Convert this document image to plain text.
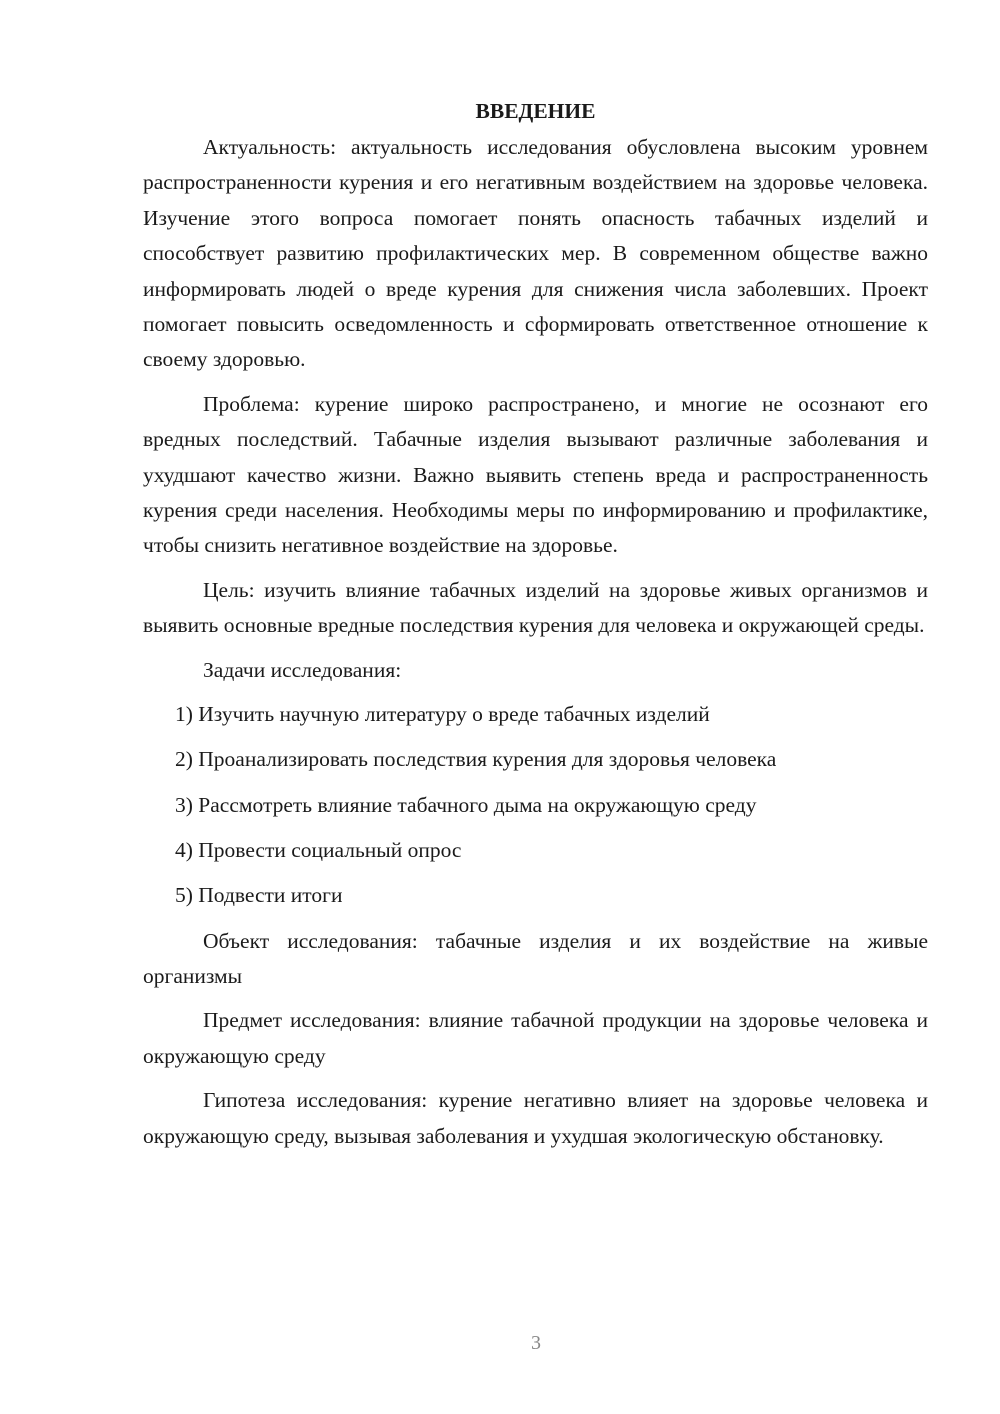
ВВЕДЕНИЕ

Актуальность: актуальность исследования обусловлена высоким уровнем распространенности курения и его негативным воздействием на здоровье человека. Изучение этого вопроса помогает понять опасность табачных изделий и способствует развитию профилактических мер. В современном обществе важно информировать людей о вреде курения для снижения числа заболевших. Проект помогает повысить осведомленность и сформировать ответственное отношение к своему здоровью.

Проблема: курение широко распространено, и многие не осознают его вредных последствий. Табачные изделия вызывают различные заболевания и ухудшают качество жизни. Важно выявить степень вреда и распространенность курения среди населения. Необходимы меры по информированию и профилактике, чтобы снизить негативное воздействие на здоровье.

Цель: изучить влияние табачных изделий на здоровье живых организмов и выявить основные вредные последствия курения для человека и окружающей среды.

Задачи исследования:

1) Изучить научную литературу о вреде табачных изделий
2) Проанализировать последствия курения для здоровья человека
3) Рассмотреть влияние табачного дыма на окружающую среду
4) Провести социальный опрос
5) Подвести итоги

Объект исследования: табачные изделия и их воздействие на живые организмы

Предмет исследования: влияние табачной продукции на здоровье человека и окружающую среду

Гипотеза исследования: курение негативно влияет на здоровье человека и окружающую среду, вызывая заболевания и ухудшая экологическую обстановку.

3
